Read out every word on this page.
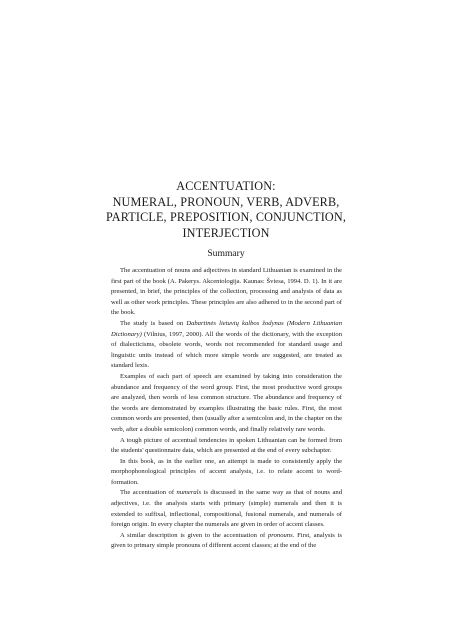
ACCENTUATION:
NUMERAL, PRONOUN, VERB, ADVERB,
PARTICLE, PREPOSITION, CONJUNCTION,
INTERJECTION
Summary

The accentuation of nouns and adjectives in standard Lithuanian is examined in the first part of the book (A. Pakerys. Akcentologija. Kaunas: Šviesa, 1994. D. 1). In it are presented, in brief, the principles of the collection, processing and analysis of data as well as other work principles. These principles are also adhered to in the second part of the book.

The study is based on Dabartinės lietuvių kalbos žodynas (Modern Lithuanian Dictionary) (Vilnius, 1997, 2000). All the words of the dictionary, with the exception of dialecticisms, obsolete words, words not recommended for standard usage and linguistic units instead of which more simple words are suggested, are treated as standard lexis.

Examples of each part of speech are examined by taking into consideration the abundance and frequency of the word group. First, the most productive word groups are analyzed, then words of less common structure. The abundance and frequency of the words are demonstrated by examples illustrating the basic rules. First, the most common words are presented, then (usually after a semicolon and, in the chapter on the verb, after a double semicolon) common words, and finally relatively rare words.

A tough picture of accentual tendencies in spoken Lithuanian can be formed from the students' questionnaire data, which are presented at the end of every subchapter.

In this book, as in the earlier one, an attempt is made to consistently apply the morphophonological principles of accent analysis, i.e. to relate accent to word-formation.

The accentuation of numerals is discussed in the same way as that of nouns and adjectives, i.e. the analysis starts with primary (simple) numerals and then it is extended to suffixal, inflectional, compositional, fusional numerals, and numerals of foreign origin. In every chapter the numerals are given in order of accent classes.

A similar description is given to the accentuation of pronouns. First, analysis is given to primary simple pronouns of different accent classes; at the end of the
